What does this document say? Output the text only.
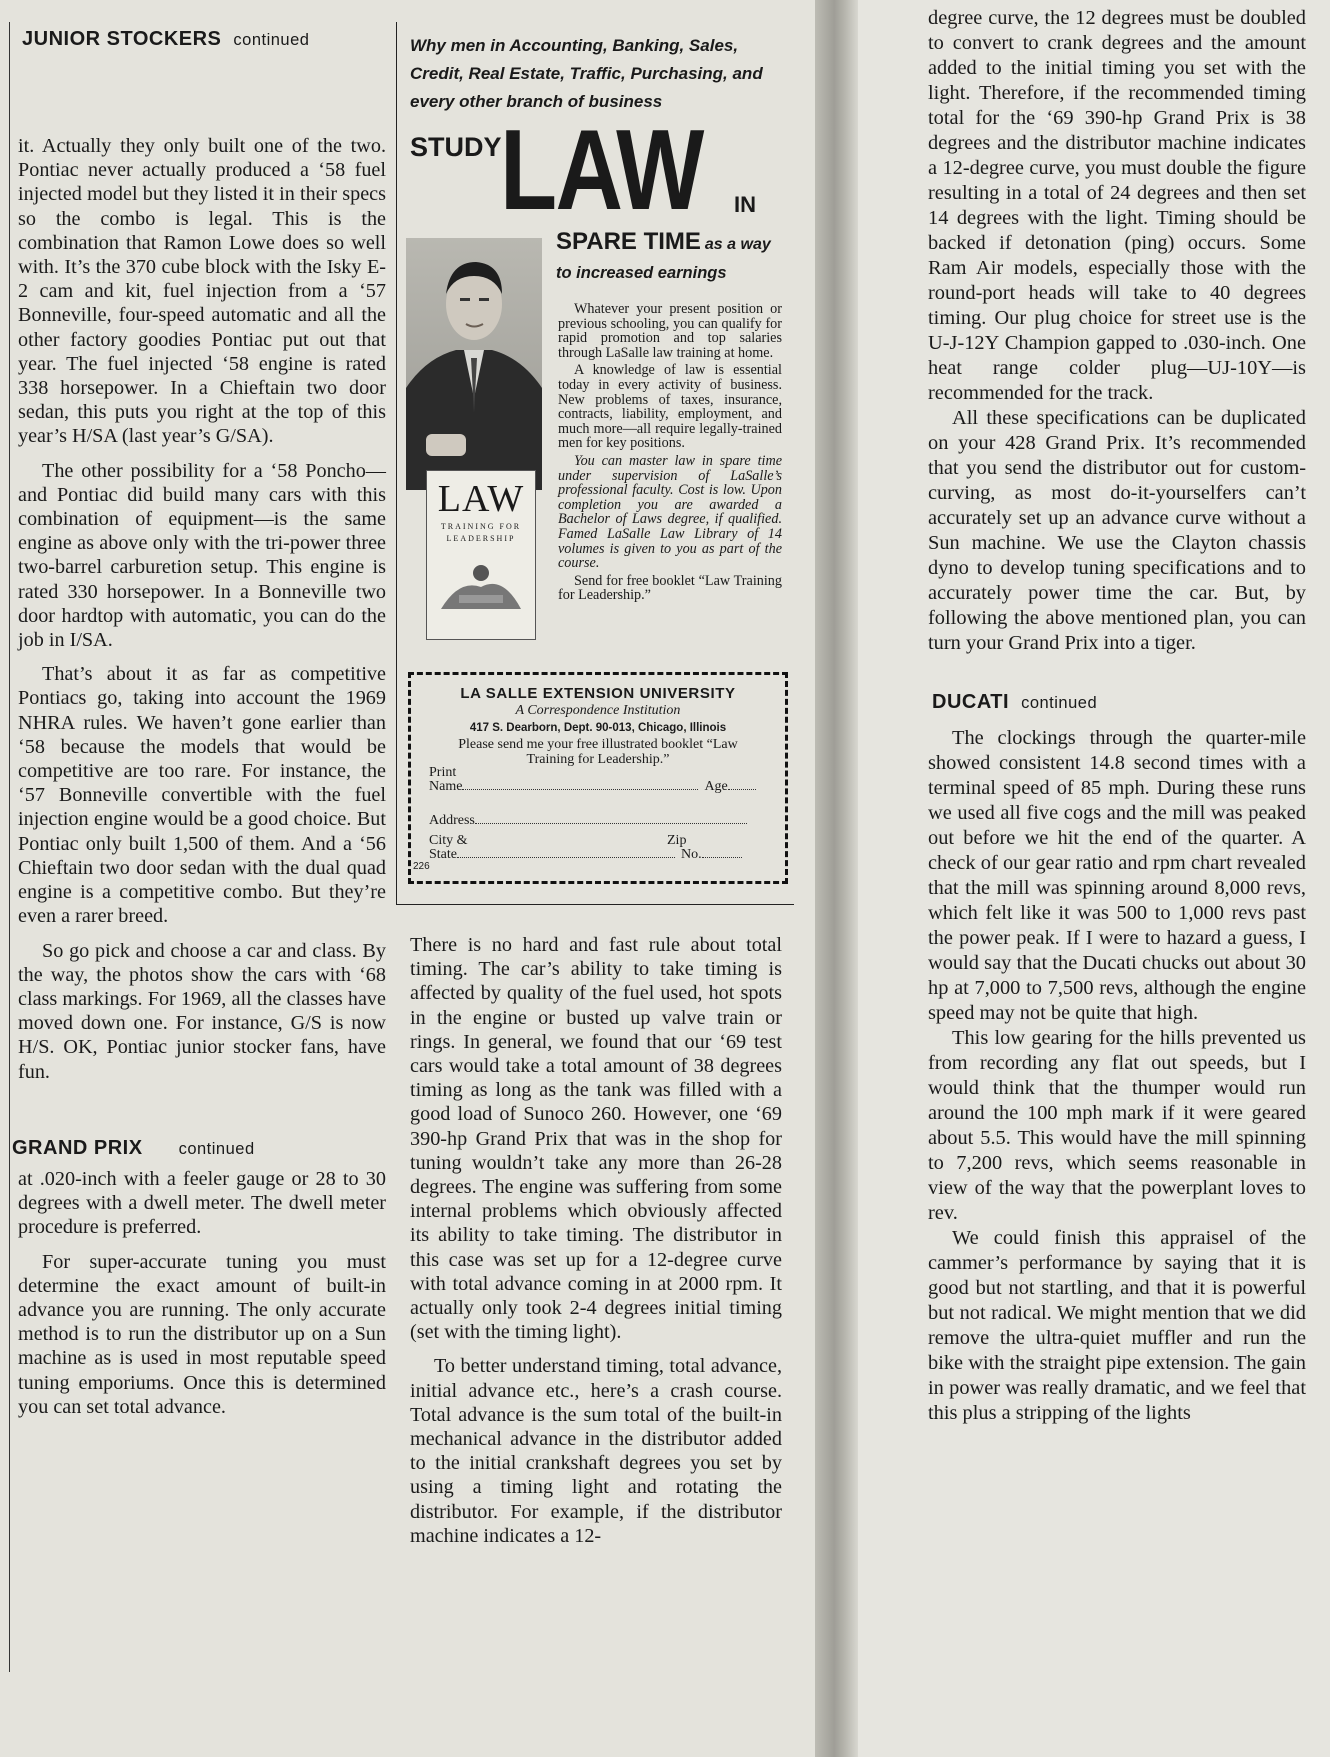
JUNIOR STOCKERS continued

it. Actually they only built one of the two. Pontiac never actually produced a ‘58 fuel injected model but they listed it in their specs so the combo is legal. This is the combination that Ramon Lowe does so well with. It’s the 370 cube block with the Isky E-2 cam and kit, fuel injection from a ‘57 Bonneville, four-speed automatic and all the other factory goodies Pontiac put out that year. The fuel injected ‘58 engine is rated 338 horsepower. In a Chieftain two door sedan, this puts you right at the top of this year’s H/SA (last year’s G/SA).

The other possibility for a ‘58 Poncho—and Pontiac did build many cars with this combination of equipment—is the same engine as above only with the tri-power three two-barrel carburetion setup. This engine is rated 330 horsepower. In a Bonneville two door hardtop with automatic, you can do the job in I/SA.

That’s about it as far as competitive Pontiacs go, taking into account the 1969 NHRA rules. We haven’t gone earlier than ‘58 because the models that would be competitive are too rare. For instance, the ‘57 Bonneville convertible with the fuel injection engine would be a good choice. But Pontiac only built 1,500 of them. And a ‘56 Chieftain two door sedan with the dual quad engine is a competitive combo. But they’re even a rarer breed.

So go pick and choose a car and class. By the way, the photos show the cars with ‘68 class markings. For 1969, all the classes have moved down one. For instance, G/S is now H/S. OK, Pontiac junior stocker fans, have fun.

GRAND PRIX continued

at .020-inch with a feeler gauge or 28 to 30 degrees with a dwell meter. The dwell meter procedure is preferred.

For super-accurate tuning you must determine the exact amount of built-in advance you are running. The only accurate method is to run the distributor up on a Sun machine as is used in most reputable speed tuning emporiums. Once this is determined you can set total advance.

Why men in Accounting, Banking, Sales, Credit, Real Estate, Traffic, Purchasing, and every other branch of business
STUDY
LAW IN
SPARE TIME as a way
to increased earnings
LAW
TRAINING FOR LEADERSHIP

Whatever your present position or previous schooling, you can qualify for rapid promotion and top salaries through LaSalle law training at home.

A knowledge of law is essential today in every activity of business. New problems of taxes, insurance, contracts, liability, employment, and much more—all require legally-trained men for key positions.

You can master law in spare time under supervision of LaSalle’s professional faculty. Cost is low. Upon completion you are awarded a Bachelor of Laws degree, if qualified. Famed LaSalle Law Library of 14 volumes is given to you as part of the course.

Send for free booklet “Law Training for Leadership.”

LA SALLE EXTENSION UNIVERSITY
A Correspondence Institution
417 S. Dearborn, Dept. 90-013, Chicago, Illinois
Please send me your free illustrated booklet “Law Training for Leadership.”
Print
Name	Age
Address
City &
State	No.
Zip
226

There is no hard and fast rule about total timing. The car’s ability to take timing is affected by quality of the fuel used, hot spots in the engine or busted up valve train or rings. In general, we found that our ‘69 test cars would take a total amount of 38 degrees timing as long as the tank was filled with a good load of Sunoco 260. However, one ‘69 390-hp Grand Prix that was in the shop for tuning wouldn’t take any more than 26-28 degrees. The engine was suffering from some internal problems which obviously affected its ability to take timing. The distributor in this case was set up for a 12-degree curve with total advance coming in at 2000 rpm. It actually only took 2-4 degrees initial timing (set with the timing light).

To better understand timing, total advance, initial advance etc., here’s a crash course. Total advance is the sum total of the built-in mechanical advance in the distributor added to the initial crankshaft degrees you set by using a timing light and rotating the distributor. For example, if the distributor machine indicates a 12-

degree curve, the 12 degrees must be doubled to convert to crank degrees and the amount added to the initial timing you set with the light. Therefore, if the recommended timing total for the ‘69 390-hp Grand Prix is 38 degrees and the distributor machine indicates a 12-degree curve, you must double the figure resulting in a total of 24 degrees and then set 14 degrees with the light. Timing should be backed if detonation (ping) occurs. Some Ram Air models, especially those with the round-port heads will take to 40 degrees timing. Our plug choice for street use is the U-J-12Y Champion gapped to .030-inch. One heat range colder plug—UJ-10Y—is recommended for the track.

All these specifications can be duplicated on your 428 Grand Prix. It’s recommended that you send the distributor out for custom-curving, as most do-it-yourselfers can’t accurately set up an advance curve without a Sun machine. We use the Clayton chassis dyno to develop tuning specifications and to accurately power time the car. But, by following the above mentioned plan, you can turn your Grand Prix into a tiger.

DUCATI continued

The clockings through the quarter-mile showed consistent 14.8 second times with a terminal speed of 85 mph. During these runs we used all five cogs and the mill was peaked out before we hit the end of the quarter. A check of our gear ratio and rpm chart revealed that the mill was spinning around 8,000 revs, which felt like it was 500 to 1,000 revs past the power peak. If I were to hazard a guess, I would say that the Ducati chucks out about 30 hp at 7,000 to 7,500 revs, although the engine speed may not be quite that high.

This low gearing for the hills prevented us from recording any flat out speeds, but I would think that the thumper would run around the 100 mph mark if it were geared about 5.5. This would have the mill spinning to 7,200 revs, which seems reasonable in view of the way that the powerplant loves to rev.

We could finish this appraisel of the cammer’s performance by saying that it is good but not startling, and that it is powerful but not radical. We might mention that we did remove the ultra-quiet muffler and run the bike with the straight pipe extension. The gain in power was really dramatic, and we feel that this plus a stripping of the lights
